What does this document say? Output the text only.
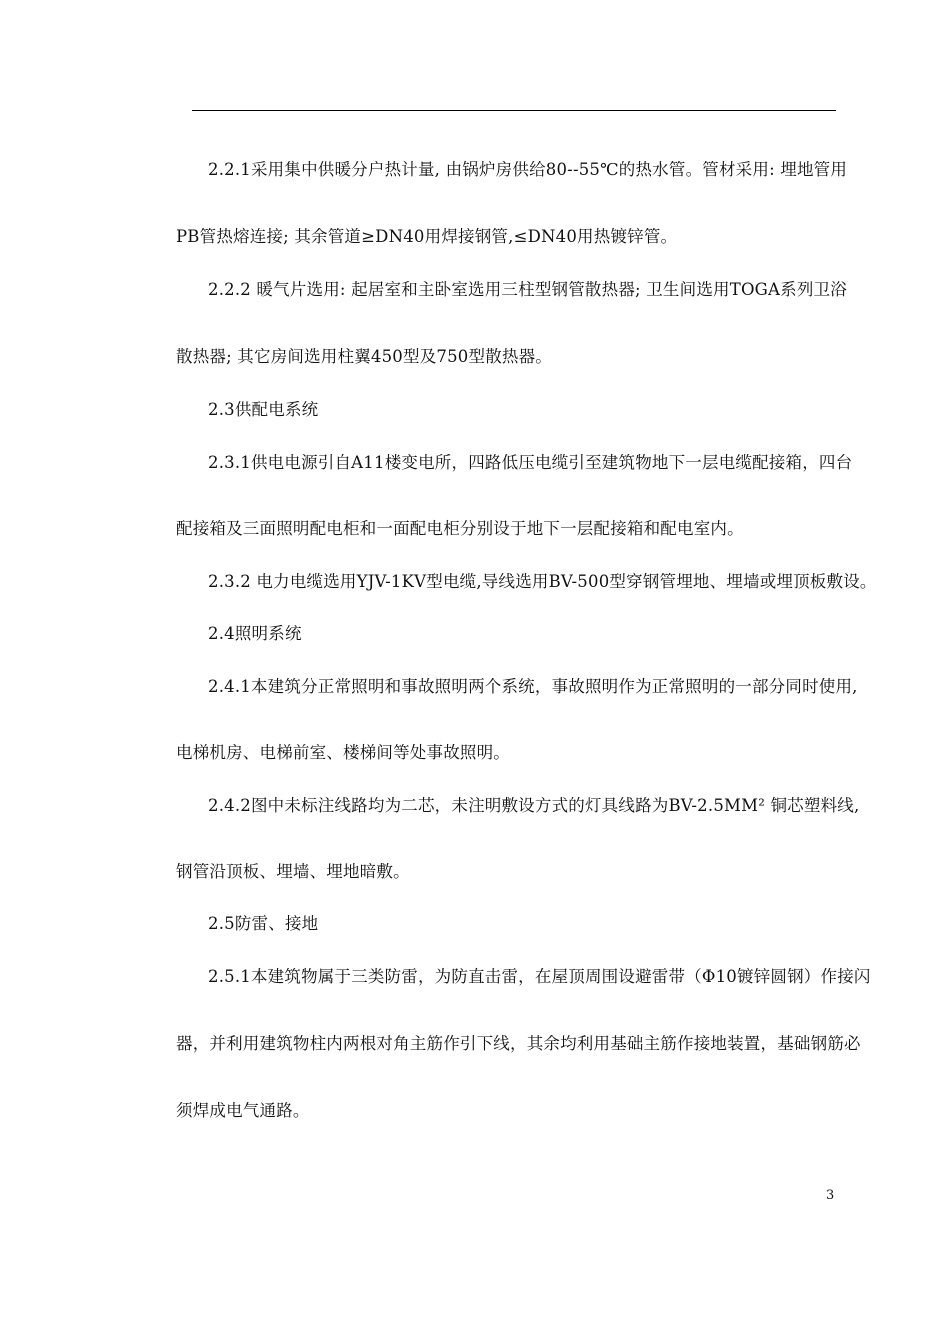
2.2.1采用集中供暖分户热计量, 由锅炉房供给80--55℃的热水管。管材采用: 埋地管用
PB管热熔连接; 其余管道≥DN40用焊接钢管,≤DN40用热镀锌管。
2.2.2 暖气片选用: 起居室和主卧室选用三柱型钢管散热器; 卫生间选用TOGA系列卫浴
散热器; 其它房间选用柱翼450型及750型散热器。
2.3供配电系统
2.3.1供电电源引自A11楼变电所，四路低压电缆引至建筑物地下一层电缆配接箱，四台
配接箱及三面照明配电柜和一面配电柜分别设于地下一层配接箱和配电室内。
2.3.2 电力电缆选用YJV-1KV型电缆,导线选用BV-500型穿钢管埋地、埋墙或埋顶板敷设。
2.4照明系统
2.4.1本建筑分正常照明和事故照明两个系统，事故照明作为正常照明的一部分同时使用,
电梯机房、电梯前室、楼梯间等处事故照明。
2.4.2图中未标注线路均为二芯，未注明敷设方式的灯具线路为BV-2.5MM² 铜芯塑料线,
钢管沿顶板、埋墙、埋地暗敷。
2.5防雷、接地
2.5.1本建筑物属于三类防雷，为防直击雷，在屋顶周围设避雷带（Φ10镀锌圆钢）作接闪
器，并利用建筑物柱内两根对角主筋作引下线，其余均利用基础主筋作接地装置，基础钢筋必
须焊成电气通路。
3
